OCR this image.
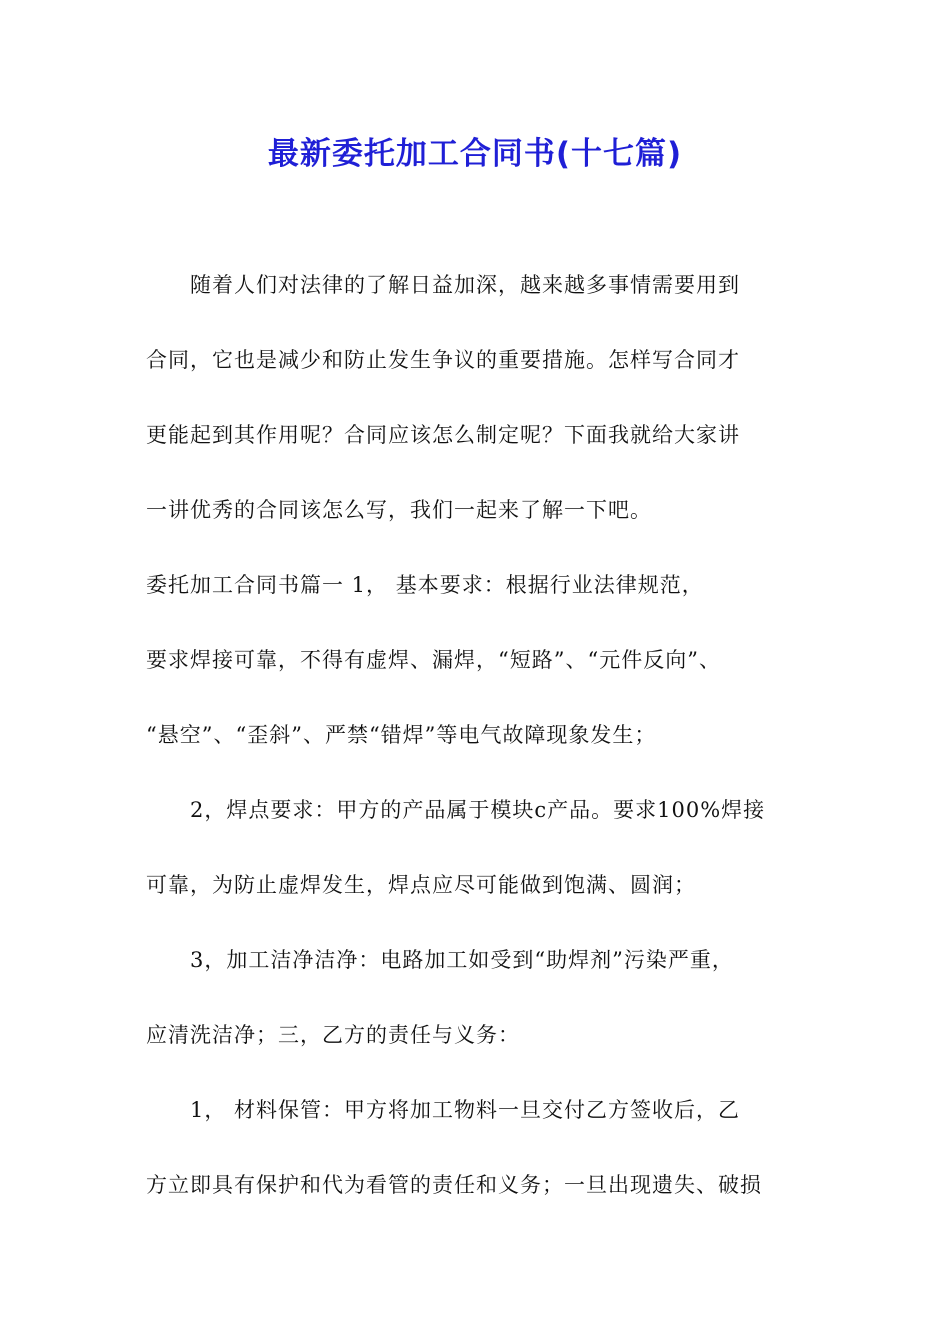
最新委托加工合同书(十七篇)
随着人们对法律的了解日益加深，越来越多事情需要用到
合同，它也是减少和防止发生争议的重要措施。怎样写合同才
更能起到其作用呢？合同应该怎么制定呢？下面我就给大家讲
一讲优秀的合同该怎么写，我们一起来了解一下吧。
委托加工合同书篇一 1， 基本要求：根据行业法律规范，
要求焊接可靠，不得有虚焊、漏焊，“短路”、“元件反向”、
“悬空”、“歪斜”、严禁“错焊”等电气故障现象发生；
2，焊点要求：甲方的产品属于模块c产品。要求100%焊接
可靠，为防止虚焊发生，焊点应尽可能做到饱满、圆润；
3，加工洁净洁净：电路加工如受到“助焊剂”污染严重，
应清洗洁净；三，乙方的责任与义务：
1， 材料保管：甲方将加工物料一旦交付乙方签收后，乙
方立即具有保护和代为看管的责任和义务；一旦出现遗失、破损
